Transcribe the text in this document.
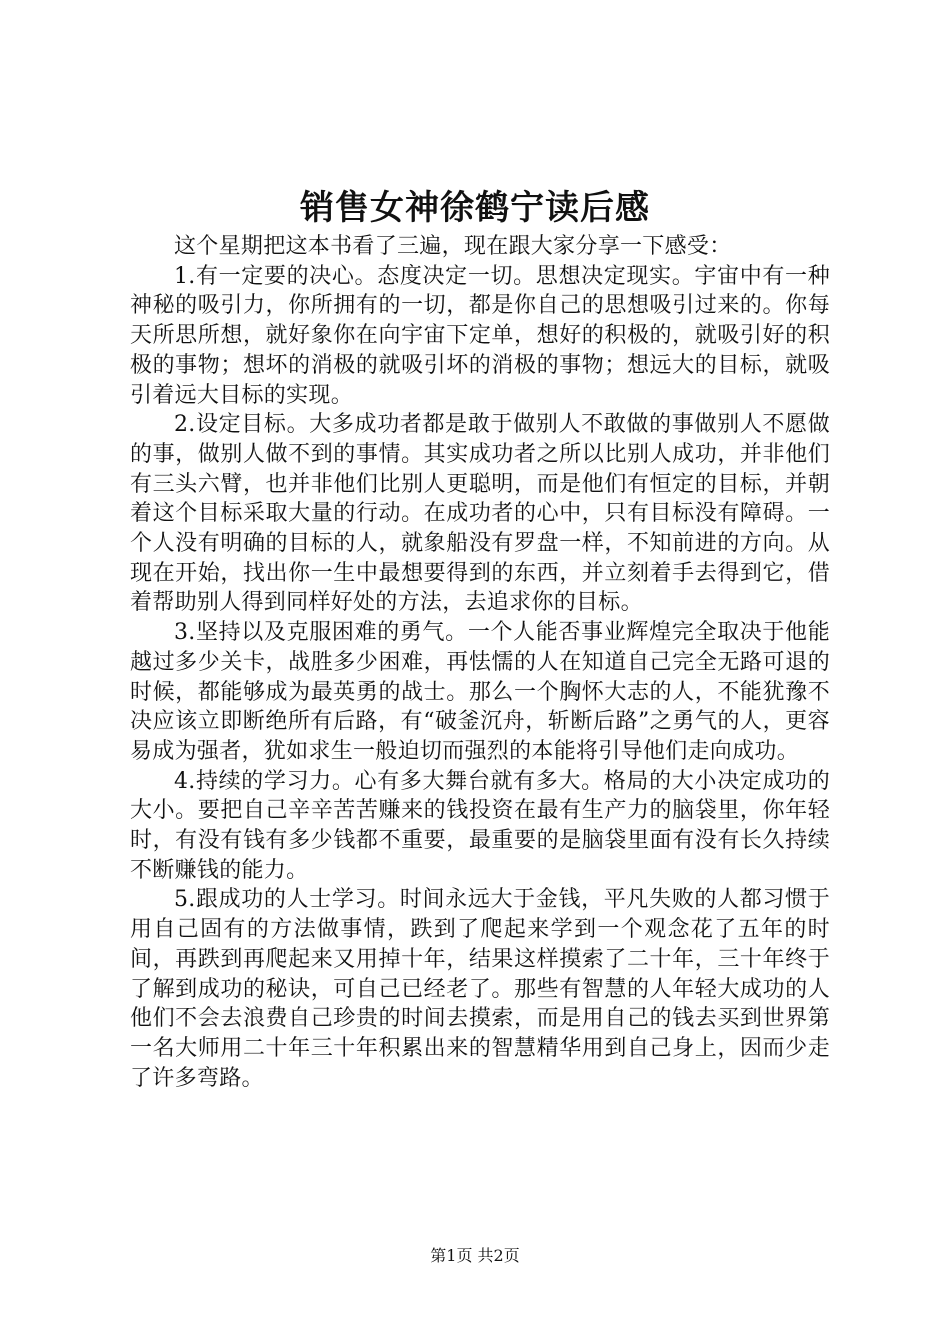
销售女神徐鹤宁读后感

这个星期把这本书看了三遍，现在跟大家分享一下感受：

1.有一定要的决心。态度决定一切。思想决定现实。宇宙中有一种神秘的吸引力，你所拥有的一切，都是你自己的思想吸引过来的。你每天所思所想，就好象你在向宇宙下定单，想好的积极的，就吸引好的积极的事物；想坏的消极的就吸引坏的消极的事物；想远大的目标，就吸引着远大目标的实现。

2.设定目标。大多成功者都是敢于做别人不敢做的事做别人不愿做的事，做别人做不到的事情。其实成功者之所以比别人成功，并非他们有三头六臂，也并非他们比别人更聪明，而是他们有恒定的目标，并朝着这个目标采取大量的行动。在成功者的心中，只有目标没有障碍。一个人没有明确的目标的人，就象船没有罗盘一样，不知前进的方向。从现在开始，找出你一生中最想要得到的东西，并立刻着手去得到它，借着帮助别人得到同样好处的方法，去追求你的目标。

3.坚持以及克服困难的勇气。一个人能否事业辉煌完全取决于他能越过多少关卡，战胜多少困难，再怯懦的人在知道自己完全无路可退的时候，都能够成为最英勇的战士。那么一个胸怀大志的人，不能犹豫不决应该立即断绝所有后路，有“破釜沉舟，斩断后路”之勇气的人，更容易成为强者，犹如求生一般迫切而强烈的本能将引导他们走向成功。

4.持续的学习力。心有多大舞台就有多大。格局的大小决定成功的大小。要把自己辛辛苦苦赚来的钱投资在最有生产力的脑袋里，你年轻时，有没有钱有多少钱都不重要，最重要的是脑袋里面有没有长久持续不断赚钱的能力。

5.跟成功的人士学习。时间永远大于金钱，平凡失败的人都习惯于用自己固有的方法做事情，跌到了爬起来学到一个观念花了五年的时间，再跌到再爬起来又用掉十年，结果这样摸索了二十年，三十年终于了解到成功的秘诀，可自己已经老了。那些有智慧的人年轻大成功的人他们不会去浪费自己珍贵的时间去摸索，而是用自己的钱去买到世界第一名大师用二十年三十年积累出来的智慧精华用到自己身上，因而少走了许多弯路。

第1页 共2页
